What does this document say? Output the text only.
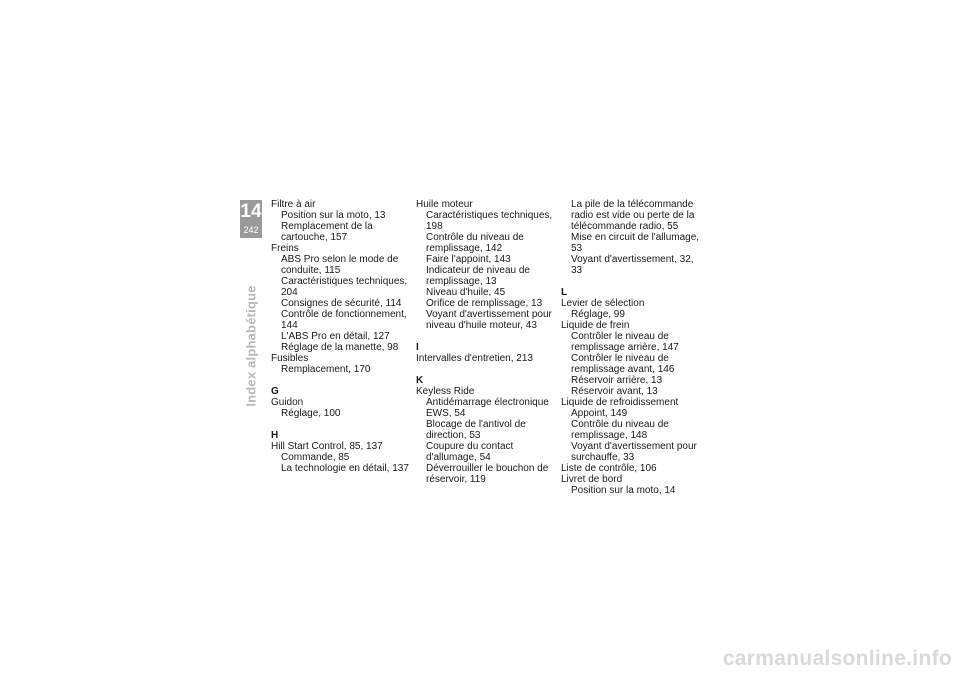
14
242
Index alphabétique
Filtre à air
Position sur la moto, 13
Remplacement de la cartouche, 157
Freins
ABS Pro selon le mode de conduite, 115
Caractéristiques techniques, 204
Consignes de sécurité, 114
Contrôle de fonctionnement, 144
L'ABS Pro en détail, 127
Réglage de la manette, 98
Fusibles
Remplacement, 170
G
Guidon
Réglage, 100
H
Hill Start Control, 85, 137
Commande, 85
La technologie en détail, 137
Huile moteur
Caractéristiques techniques, 198
Contrôle du niveau de remplissage, 142
Faire l'appoint, 143
Indicateur de niveau de remplissage, 13
Niveau d'huile, 45
Orifice de remplissage, 13
Voyant d'avertissement pour niveau d'huile moteur, 43
I
Intervalles d'entretien, 213
K
Keyless Ride
Antidémarrage électronique EWS, 54
Blocage de l'antivol de direction, 53
Coupure du contact d'allumage, 54
Déverrouiller le bouchon de réservoir, 119
La pile de la télécommande radio est vide ou perte de la télécommande radio, 55
Mise en circuit de l'allumage, 53
Voyant d'avertissement, 32, 33
L
Levier de sélection
Réglage, 99
Liquide de frein
Contrôler le niveau de remplissage arrière, 147
Contrôler le niveau de remplissage avant, 146
Réservoir arrière, 13
Réservoir avant, 13
Liquide de refroidissement
Appoint, 149
Contrôle du niveau de remplissage, 148
Voyant d'avertissement pour surchauffe, 33
Liste de contrôle, 106
Livret de bord
Position sur la moto, 14
carmanualsonline.info
